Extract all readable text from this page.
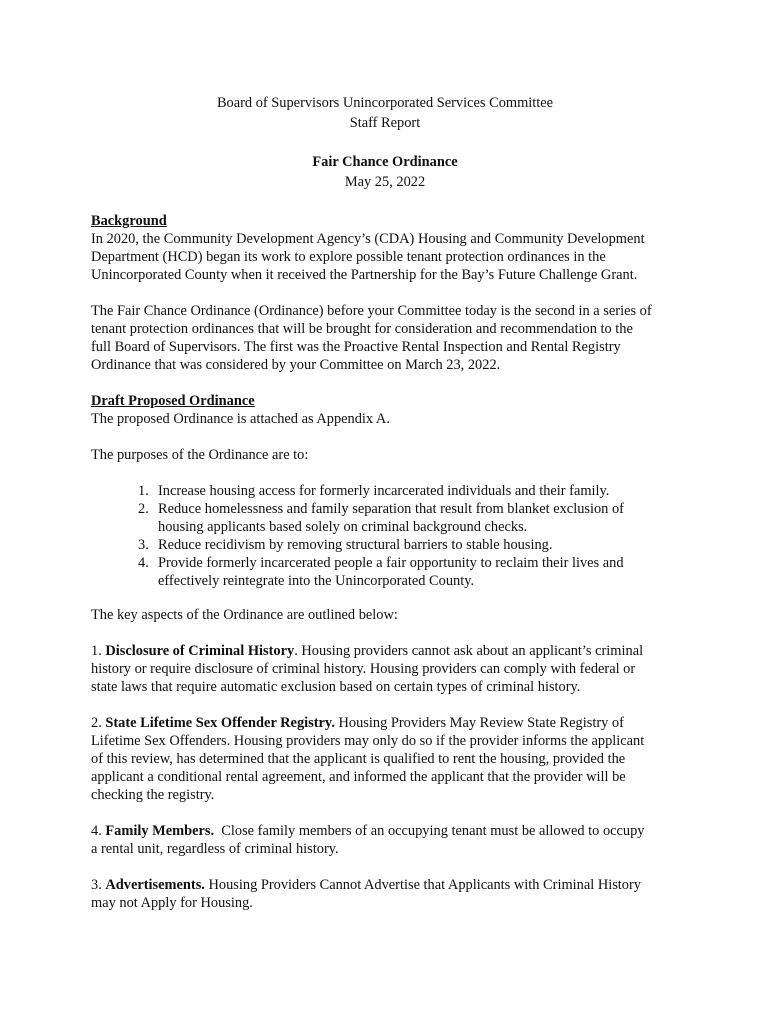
Board of Supervisors Unincorporated Services Committee
Staff Report
Fair Chance Ordinance
May 25, 2022
Background
In 2020, the Community Development Agency’s (CDA) Housing and Community Development
Department (HCD) began its work to explore possible tenant protection ordinances in the
Unincorporated County when it received the Partnership for the Bay’s Future Challenge Grant.
The Fair Chance Ordinance (Ordinance) before your Committee today is the second in a series of
tenant protection ordinances that will be brought for consideration and recommendation to the
full Board of Supervisors. The first was the Proactive Rental Inspection and Rental Registry
Ordinance that was considered by your Committee on March 23, 2022.
Draft Proposed Ordinance
The proposed Ordinance is attached as Appendix A.
The purposes of the Ordinance are to:
1. Increase housing access for formerly incarcerated individuals and their family.
2. Reduce homelessness and family separation that result from blanket exclusion of
housing applicants based solely on criminal background checks.
3. Reduce recidivism by removing structural barriers to stable housing.
4. Provide formerly incarcerated people a fair opportunity to reclaim their lives and
effectively reintegrate into the Unincorporated County.
The key aspects of the Ordinance are outlined below:
1. Disclosure of Criminal History. Housing providers cannot ask about an applicant’s criminal
history or require disclosure of criminal history. Housing providers can comply with federal or
state laws that require automatic exclusion based on certain types of criminal history.
2. State Lifetime Sex Offender Registry. Housing Providers May Review State Registry of
Lifetime Sex Offenders. Housing providers may only do so if the provider informs the applicant
of this review, has determined that the applicant is qualified to rent the housing, provided the
applicant a conditional rental agreement, and informed the applicant that the provider will be
checking the registry.
4. Family Members.  Close family members of an occupying tenant must be allowed to occupy
a rental unit, regardless of criminal history.
3. Advertisements. Housing Providers Cannot Advertise that Applicants with Criminal History
may not Apply for Housing.
